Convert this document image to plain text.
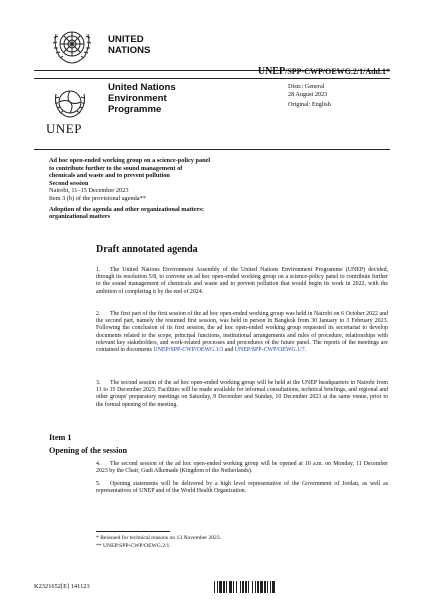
UNITED
NATIONS
UNEP/SPP-CWP/OEWG.2/1/Add.1*
UNEP
United Nations
Environment
Programme
Distr.: General
28 August 2023
Original: English
Ad hoc open-ended working group on a science-policy panel
to contribute further to the sound management of
chemicals and waste and to prevent pollution
Second session
Nairobi, 11–15 December 2023
Item 3 (b) of the provisional agenda**
Adoption of the agenda and other organizational matters:
organizational matters
Draft annotated agenda
1. The United Nations Environment Assembly of the United Nations Environment Programme (UNEP) decided, through its resolution 5/8, to convene an ad hoc open-ended working group on a science-policy panel to contribute further to the sound management of chemicals and waste and to prevent pollution that would begin its work in 2022, with the ambition of completing it by the end of 2024.
2. The first part of the first session of the ad hoc open-ended working group was held in Nairobi on 6 October 2022 and the second part, namely the resumed first session, was held in person in Bangkok from 30 January to 3 February 2023. Following the conclusion of its first session, the ad hoc open-ended working group requested its secretariat to develop documents related to the scope, principal functions, institutional arrangements and rules of procedure, relationships with relevant key stakeholders, and work-related processes and procedures of the future panel. The reports of the meetings are contained in documents UNEP/SPP-CWP/OEWG.1/3 and UNEP/SPP-CWP/OEWG.1/7.
3. The second session of the ad hoc open-ended working group will be held at the UNEP headquarters in Nairobi from 11 to 15 December 2023. Facilities will be made available for informal consultations, technical briefings, and regional and other groups' preparatory meetings on Saturday, 9 December and Sunday, 10 December 2023 at the same venue, prior to the formal opening of the meeting.
Item 1
Opening of the session
4. The second session of the ad hoc open-ended working group will be opened at 10 a.m. on Monday, 11 December 2023 by the Chair, Gudi Alkemade (Kingdom of the Netherlands).
5. Opening statements will be delivered by a high level representative of the Government of Jordan, as well as representatives of UNEP and of the World Health Organization.
* Reissued for technical reasons on 13 November 2023.
** UNEP/SPP-CWP/OEWG.2/1.
K2321652[E] 141123
